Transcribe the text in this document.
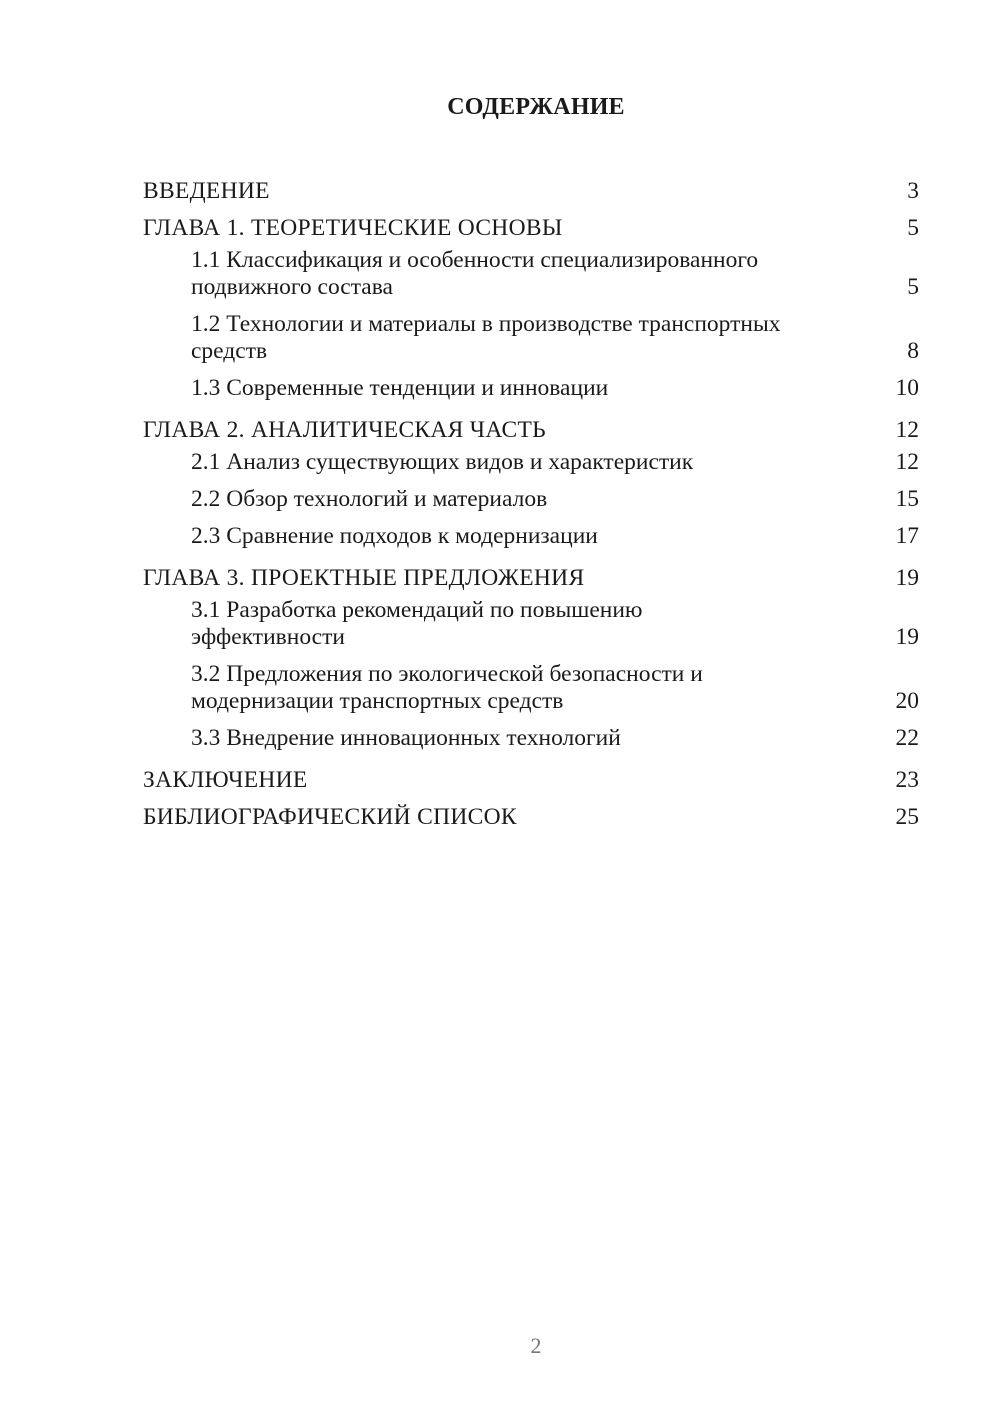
СОДЕРЖАНИЕ
ВВЕДЕНИЕ	3
ГЛАВА 1. ТЕОРЕТИЧЕСКИЕ ОСНОВЫ	5
1.1 Классификация и особенности специализированного
подвижного состава	5
1.2 Технологии и материалы в производстве транспортных
средств	8
1.3 Современные тенденции и инновации	10
ГЛАВА 2. АНАЛИТИЧЕСКАЯ ЧАСТЬ	12
2.1 Анализ существующих видов и характеристик	12
2.2 Обзор технологий и материалов	15
2.3 Сравнение подходов к модернизации	17
ГЛАВА 3. ПРОЕКТНЫЕ ПРЕДЛОЖЕНИЯ	19
3.1 Разработка рекомендаций по повышению
эффективности	19
3.2 Предложения по экологической безопасности и
модернизации транспортных средств	20
3.3 Внедрение инновационных технологий	22
ЗАКЛЮЧЕНИЕ	23
БИБЛИОГРАФИЧЕСКИЙ СПИСОК	25
2
